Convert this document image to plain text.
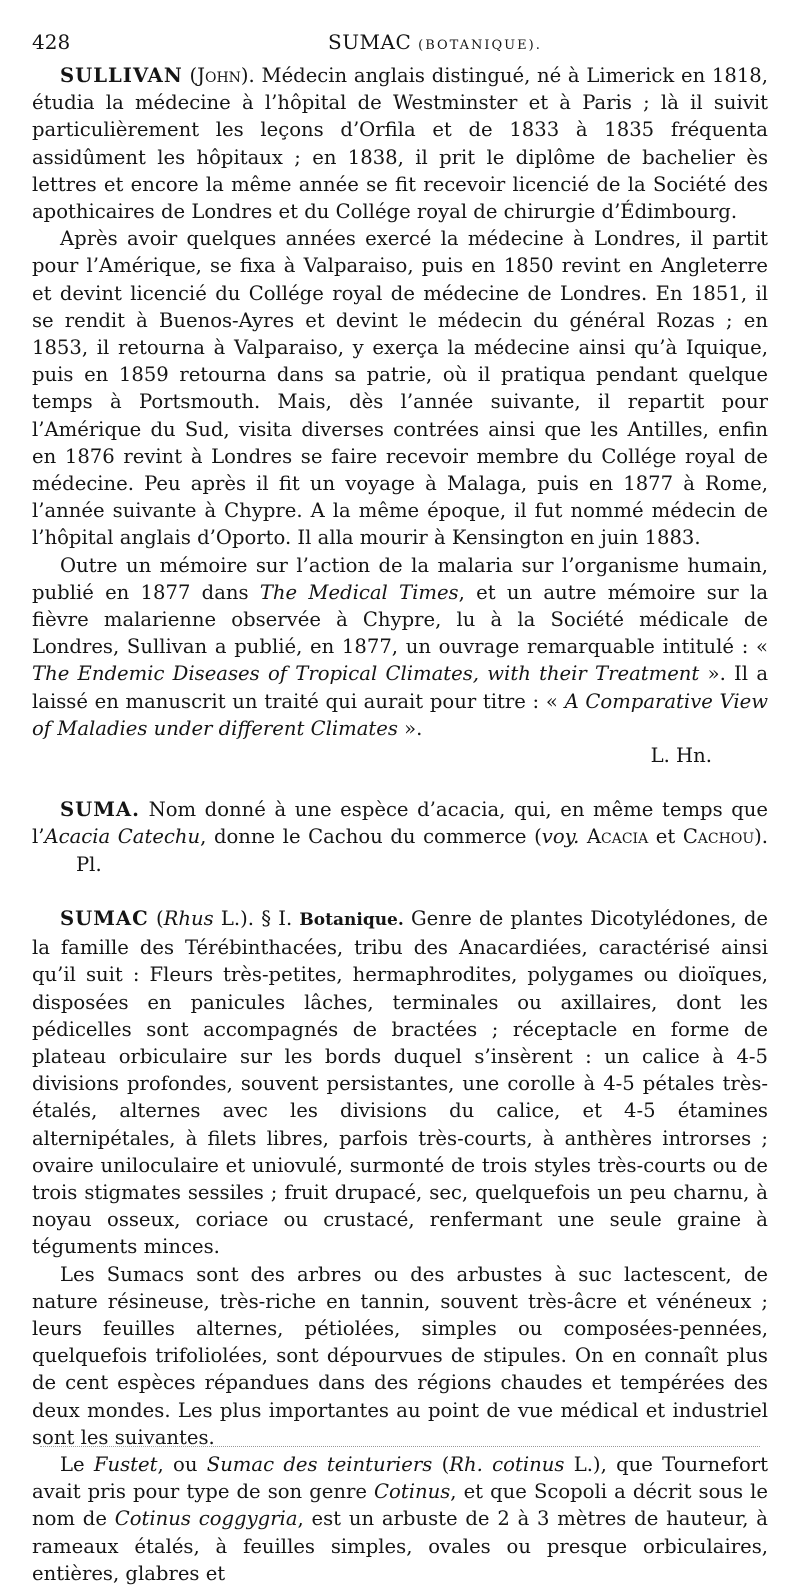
428	SUMAC (BOTANIQUE).

SULLIVAN (John). Médecin anglais distingué, né à Limerick en 1818, étudia la médecine à l’hôpital de Westminster et à Paris ; là il suivit particulièrement les leçons d’Orfila et de 1833 à 1835 fréquenta assidûment les hôpitaux ; en 1838, il prit le diplôme de bachelier ès lettres et encore la même année se fit recevoir licencié de la Société des apothicaires de Londres et du Collége royal de chirurgie d’Édimbourg.

Après avoir quelques années exercé la médecine à Londres, il partit pour l’Amérique, se fixa à Valparaiso, puis en 1850 revint en Angleterre et devint licencié du Collége royal de médecine de Londres. En 1851, il se rendit à Buenos-Ayres et devint le médecin du général Rozas ; en 1853, il retourna à Valparaiso, y exerça la médecine ainsi qu’à Iquique, puis en 1859 retourna dans sa patrie, où il pratiqua pendant quelque temps à Portsmouth. Mais, dès l’année suivante, il repartit pour l’Amérique du Sud, visita diverses contrées ainsi que les Antilles, enfin en 1876 revint à Londres se faire recevoir membre du Collége royal de médecine. Peu après il fit un voyage à Malaga, puis en 1877 à Rome, l’année suivante à Chypre. A la même époque, il fut nommé médecin de l’hôpital anglais d’Oporto. Il alla mourir à Kensington en juin 1883.

Outre un mémoire sur l’action de la malaria sur l’organisme humain, publié en 1877 dans The Medical Times, et un autre mémoire sur la fièvre malarienne observée à Chypre, lu à la Société médicale de Londres, Sullivan a publié, en 1877, un ouvrage remarquable intitulé : « The Endemic Diseases of Tropical Climates, with their Treatment ». Il a laissé en manuscrit un traité qui aurait pour titre : « A Comparative View of Maladies under different Climates ».

L. Hn.

SUMA. Nom donné à une espèce d’acacia, qui, en même temps que l’Acacia Catechu, donne le Cachou du commerce (voy. Acacia et Cachou). Pl.

SUMAC (Rhus L.). § I. Botanique. Genre de plantes Dicotylédones, de la famille des Térébinthacées, tribu des Anacardiées, caractérisé ainsi qu’il suit : Fleurs très-petites, hermaphrodites, polygames ou dioïques, disposées en panicules lâches, terminales ou axillaires, dont les pédicelles sont accompagnés de bractées ; réceptacle en forme de plateau orbiculaire sur les bords duquel s’insèrent : un calice à 4-5 divisions profondes, souvent persistantes, une corolle à 4-5 pétales très-étalés, alternes avec les divisions du calice, et 4-5 étamines alternipétales, à filets libres, parfois très-courts, à anthères introrses ; ovaire uniloculaire et uniovulé, surmonté de trois styles très-courts ou de trois stigmates sessiles ; fruit drupacé, sec, quelquefois un peu charnu, à noyau osseux, coriace ou crustacé, renfermant une seule graine à téguments minces.

Les Sumacs sont des arbres ou des arbustes à suc lactescent, de nature résineuse, très-riche en tannin, souvent très-âcre et vénéneux ; leurs feuilles alternes, pétiolées, simples ou composées-pennées, quelquefois trifoliolées, sont dépourvues de stipules. On en connaît plus de cent espèces répandues dans des régions chaudes et tempérées des deux mondes. Les plus importantes au point de vue médical et industriel sont les suivantes.

Le Fustet, ou Sumac des teinturiers (Rh. cotinus L.), que Tournefort avait pris pour type de son genre Cotinus, et que Scopoli a décrit sous le nom de Cotinus coggygria, est un arbuste de 2 à 3 mètres de hauteur, à rameaux étalés, à feuilles simples, ovales ou presque orbiculaires, entières, glabres et
